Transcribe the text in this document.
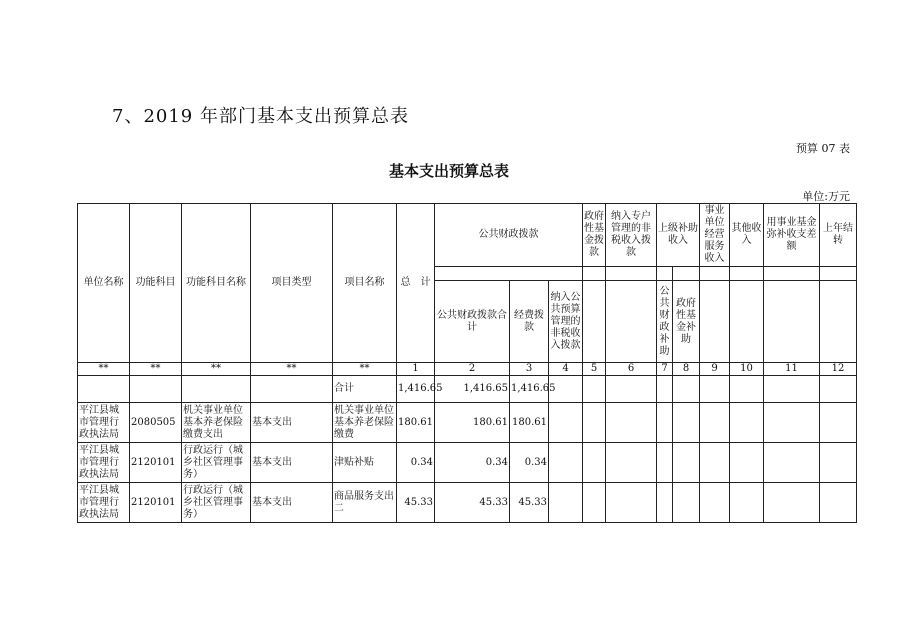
7、2019 年部门基本支出预算总表
预算 07 表
基本支出预算总表
单位:万元
单位名称	功能科目	功能科目名称	项目类型	项目名称	总　计	公共财政拨款			政府性基金拨款	纳入专户管理的非税收入拨款	上级补助收入		事业单位经营服务收入	其他收入	用事业基金弥补收支差额	上年结转

						公共财政拨款合计	经费拨款	纳入公共预算管理的非税收入拨款			公共财政补助	政府性基金补助				
**	**	**	**	**	1	2	3	4	5	6	7	8	9	10	11	12
				合计	1,416.65	1,416.65	1,416.65									
平江县城市管理行政执法局	2080505	机关事业单位基本养老保险缴费支出	基本支出	机关事业单位基本养老保险缴费	180.61	180.61	180.61									
平江县城市管理行政执法局	2120101	行政运行（城乡社区管理事务）	基本支出	津贴补贴	0.34	0.34	0.34									
平江县城市管理行政执法局	2120101	行政运行（城乡社区管理事务）	基本支出	商品服务支出二	45.33	45.33	45.33									
